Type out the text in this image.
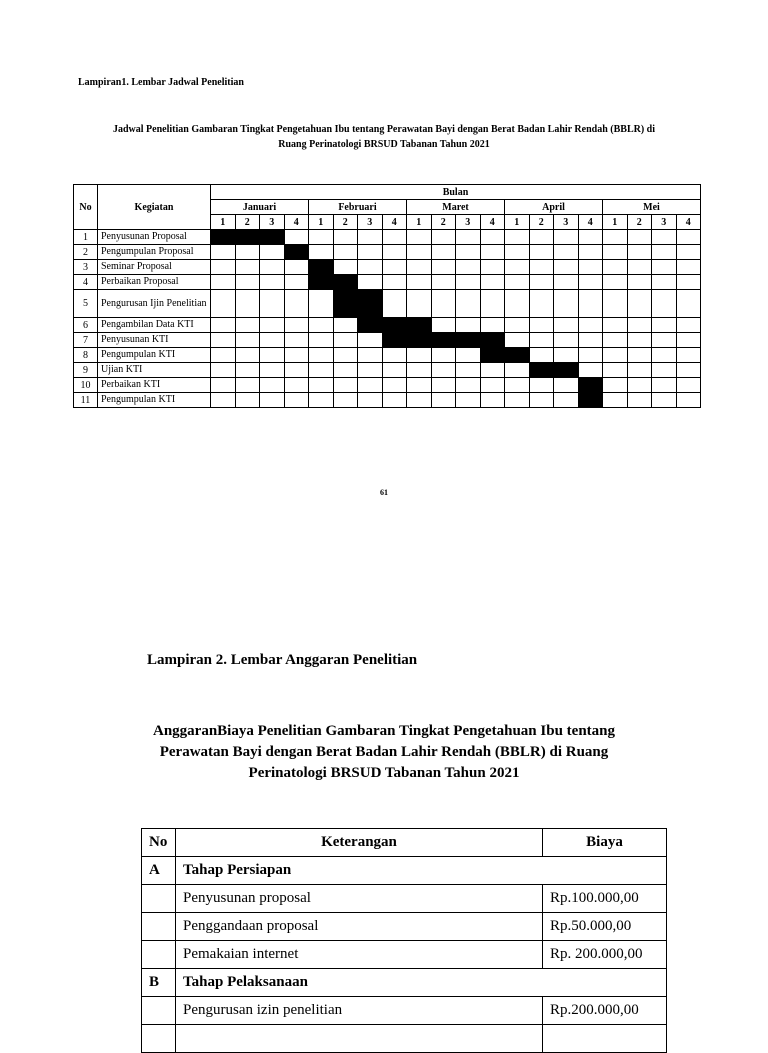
Lampiran1. Lembar Jadwal Penelitian
Jadwal Penelitian Gambaran Tingkat Pengetahuan Ibu tentang Perawatan Bayi dengan Berat Badan Lahir Rendah (BBLR) di
Ruang Perinatologi BRSUD Tabanan Tahun 2021
No	Kegiatan	Bulan																			
		Januari				Februari				Maret				April				Mei			
		1	2	3	4	1	2	3	4	1	2	3	4	1	2	3	4	1	2	3	4
1	Penyusunan Proposal																				
2	Pengumpulan Proposal																				
3	Seminar Proposal																				
4	Perbaikan Proposal																				
5	Pengurusan Ijin Penelitian																				
6	Pengambilan Data KTI																				
7	Penyusunan KTI																				
8	Pengumpulan KTI																				
9	Ujian KTI																				
10	Perbaikan KTI																				
11	Pengumpulan KTI																				
61
Lampiran 2. Lembar Anggaran Penelitian
AnggaranBiaya Penelitian Gambaran Tingkat Pengetahuan Ibu tentang
Perawatan Bayi dengan Berat Badan Lahir Rendah (BBLR) di Ruang
Perinatologi BRSUD Tabanan Tahun 2021
No	Keterangan	Biaya
A	Tahap Persiapan	
	Penyusunan proposal	Rp.100.000,00
	Penggandaan proposal	Rp.50.000,00
	Pemakaian internet	Rp. 200.000,00
B	Tahap Pelaksanaan	
	Pengurusan izin penelitian	Rp.200.000,00
